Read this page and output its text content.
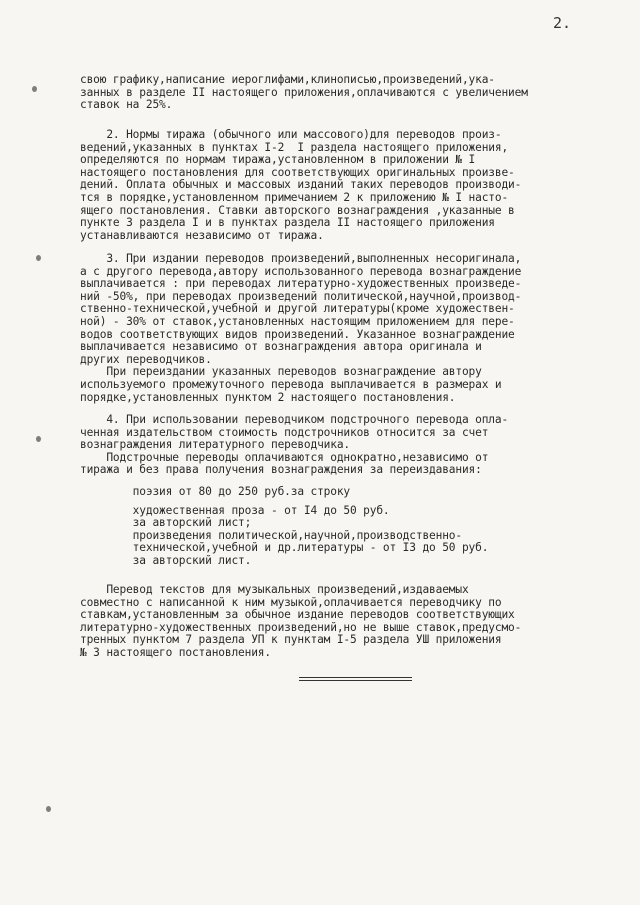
2.
свою графику,написание иероглифами,клинописью,произведений,ука-
занных в разделе II настоящего приложения,оплачиваются с увеличением
ставок на 25%.
2. Нормы тиража (обычного или массового)для переводов произ-
ведений,указанных в пунктах I-2  I раздела настоящего приложения,
определяются по нормам тиража,установленном в приложении № I
настоящего постановления для соответствующих оригинальных произве-
дений. Оплата обычных и массовых изданий таких переводов производи-
тся в порядке,установленном примечанием 2 к приложению № I насто-
ящего постановления. Ставки авторского вознаграждения ,указанные в
пункте 3 раздела I и в пунктах раздела II настоящего приложения
устанавливаются независимо от тиража.
3. При издании переводов произведений,выполненных несоригинала,
а с другого перевода,автору использованного перевода вознаграждение
выплачивается : при переводах литературно-художественных произведе-
ний -50%, при переводах произведений политической,научной,производ-
ственно-технической,учебной и другой литературы(кроме художествен-
ной) - 30% от ставок,установленных настоящим приложением для пере-
водов соответствующих видов произведений. Указанное вознаграждение
выплачивается независимо от вознаграждения автора оригинала и
других переводчиков.
При переиздании указанных переводов вознаграждение автору
используемого промежуточного перевода выплачивается в размерах и
порядке,установленных пунктом 2 настоящего постановления.
4. При использовании переводчиком подстрочного перевода опла-
ченная издательством стоимость подстрочников относится за счет
вознаграждения литературного переводчика.
Подстрочные переводы оплачиваются однократно,независимо от
тиража и без права получения вознаграждения за переиздавания:
поэзия от 80 до 250 руб.за строку
художественная проза - от I4 до 50 руб.
за авторский лист;
произведения политической,научной,производственно-
технической,учебной и др.литературы - от I3 до 50 руб.
за авторский лист.
Перевод текстов для музыкальных произведений,издаваемых
совместно с написанной к ним музыкой,оплачивается переводчику по
ставкам,установленным за обычное издание переводов соответствующих
литературно-художественных произведений,но не выше ставок,предусмо-
тренных пунктом 7 раздела УП к пунктам I-5 раздела УШ приложения
№ 3 настоящего постановления.
